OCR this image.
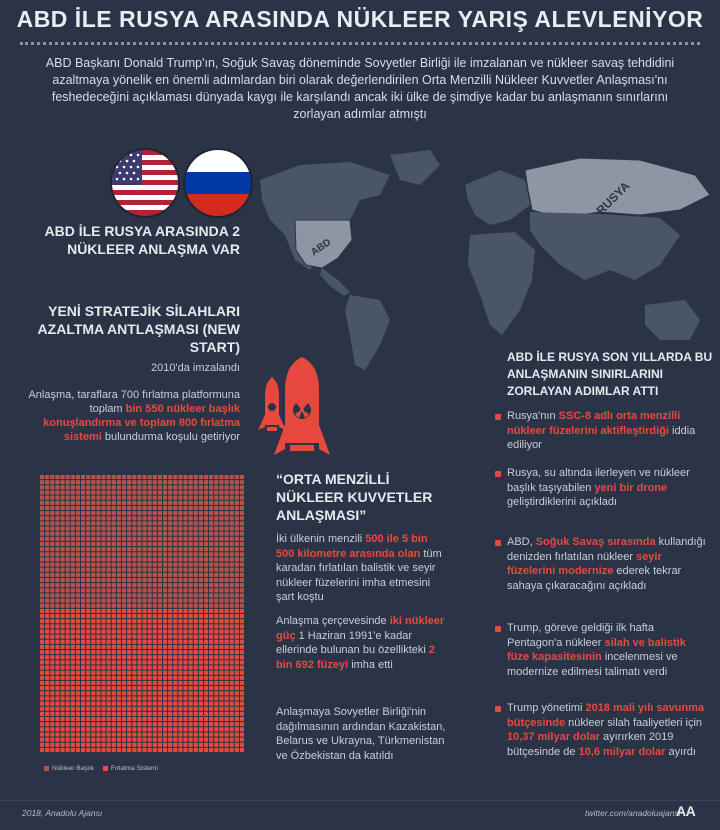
ABD İLE RUSYA ARASINDA NÜKLEER YARIŞ ALEVLENİYOR
ABD Başkanı Donald Trump'ın, Soğuk Savaş döneminde Sovyetler Birliği ile imzalanan ve nükleer savaş tehdidini azaltmaya yönelik en önemli adımlardan biri olarak değerlendirilen Orta Menzilli Nükleer Kuvvetler Anlaşması'nı feshedeceğini açıklaması dünyada kaygı ile karşılandı ancak iki ülke de şimdiye kadar bu anlaşmanın sınırlarını zorlayan adımlar atmıştı
ABD
RUSYA
ABD İLE RUSYA ARASINDA 2 NÜKLEER ANLAŞMA VAR
YENİ STRATEJİK SİLAHLARI AZALTMA ANTLAŞMASI (NEW START)
2010'da imzalandı
Anlaşma, taraflara 700 fırlatma platformuna toplam bin 550 nükleer başlık konuşlandırma ve toplam 800 fırlatma sistemi bulundurma koşulu getiriyor
Nükleer Başlık	Fırlatma Sistemi
“ORTA MENZİLLİ NÜKLEER KUVVETLER ANLAŞMASI”
İki ülkenin menzili 500 ile 5 bin 500 kilometre arasında olan tüm karadan fırlatılan balistik ve seyir nükleer füzelerini imha etmesini şart koştu
Anlaşma çerçevesinde iki nükleer güç 1 Haziran 1991'e kadar ellerinde bulunan bu özellikteki 2 bin 692 füzeyi imha etti
Anlaşmaya Sovyetler Birliği'nin dağılmasının ardından Kazakistan, Belarus ve Ukrayna, Türkmenistan ve Özbekistan da katıldı
ABD İLE RUSYA SON YILLARDA BU ANLAŞMANIN SINIRLARINI ZORLAYAN ADIMLAR ATTI
Rusya'nın SSC-8 adlı orta menzilli nükleer füzelerini aktifleştirdiği iddia ediliyor
Rusya, su altında ilerleyen ve nükleer başlık taşıyabilen yeni bir drone geliştirdiklerini açıkladı
ABD, Soğuk Savaş sırasında kullandığı denizden fırlatılan nükleer seyir füzelerini modernize ederek tekrar sahaya çıkaracağını açıkladı
Trump, göreve geldiği ilk hafta Pentagon'a nükleer silah ve balistik füze kapasitesinin incelenmesi ve modernize edilmesi talimatı verdi
Trump yönetimi 2018 mali yılı savunma bütçesinde nükleer silah faaliyetleri için 10,37 milyar dolar ayırırken 2019 bütçesinde de 10,6 milyar dolar ayırdı
2018, Anadolu Ajansı	twitter.com/anadoluajansi
AA
